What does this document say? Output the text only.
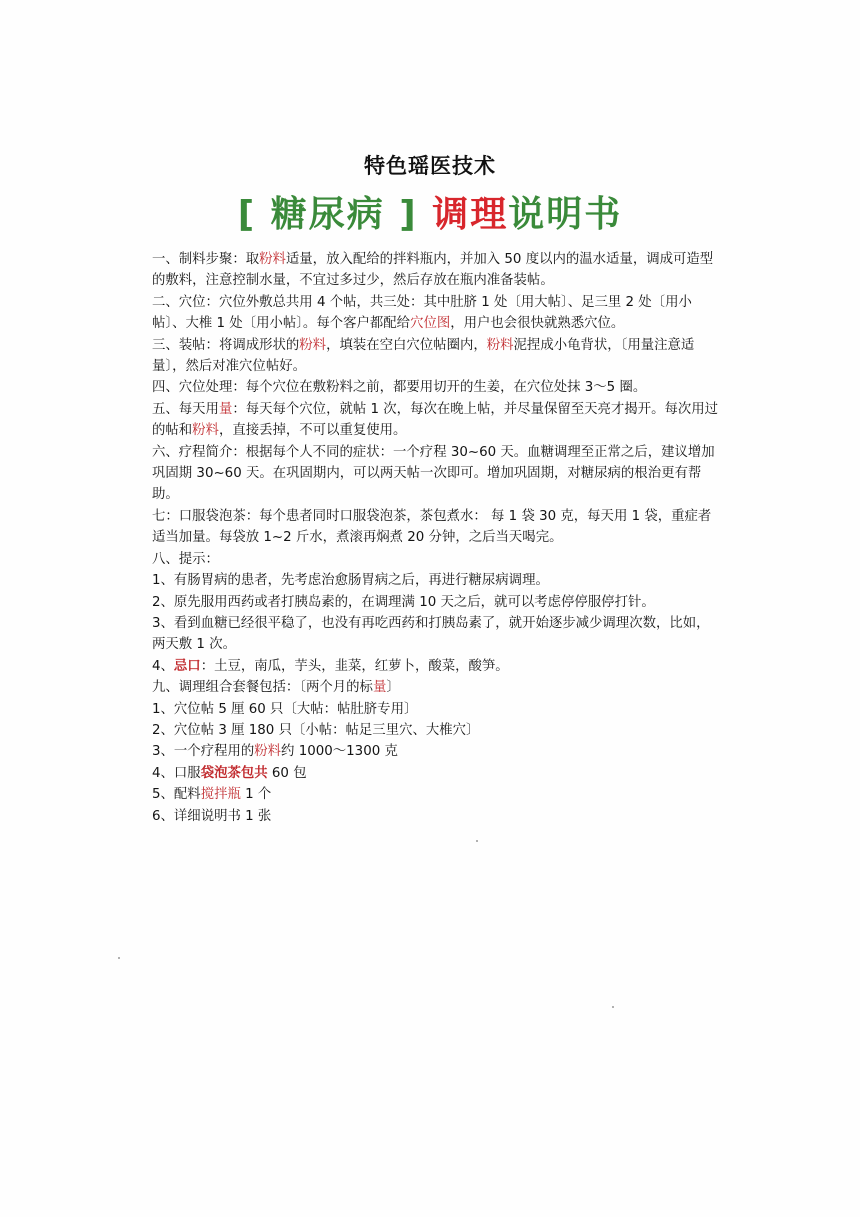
特色瑶医技术
[ 糖尿病 ] 调理说明书

一、制料步聚：取粉料适量，放入配给的拌料瓶内，并加入 50 度以内的温水适量，调成可造型的敷料，注意控制水量，不宜过多过少，然后存放在瓶内准备装帖。

二、穴位：穴位外敷总共用 4 个帖，共三处：其中肚脐 1 处〔用大帖〕、足三里 2 处〔用小帖〕、大椎 1 处〔用小帖〕。每个客户都配给穴位图，用户也会很快就熟悉穴位。

三、装帖：将调成形状的粉料，填装在空白穴位帖圈内，粉料泥捏成小龟背状，〔用量注意适量〕，然后对准穴位帖好。

四、穴位处理：每个穴位在敷粉料之前，都要用切开的生姜，在穴位处抹 3～5 圈。

五、每天用量：每天每个穴位，就帖 1 次，每次在晚上帖，并尽量保留至天亮才揭开。每次用过的帖和粉料，直接丢掉，不可以重复使用。

六、疗程简介：根据每个人不同的症状：一个疗程 30~60 天。血糖调理至正常之后，建议增加巩固期 30~60 天。在巩固期内，可以两天帖一次即可。增加巩固期，对糖尿病的根治更有帮助。

七：口服袋泡茶：每个患者同时口服袋泡茶，茶包煮水： 每 1 袋 30 克，每天用 1 袋，重症者适当加量。每袋放 1~2 斤水，煮滚再焖煮 20 分钟，之后当天喝完。

八、提示：

1、有肠胃病的患者，先考虑治愈肠胃病之后，再进行糖尿病调理。

2、原先服用西药或者打胰岛素的，在调理满 10 天之后，就可以考虑停停服停打针。

3、看到血糖已经很平稳了，也没有再吃西药和打胰岛素了，就开始逐步减少调理次数，比如，两天敷 1 次。

4、忌口：土豆，南瓜，芋头，韭菜，红萝卜，酸菜，酸笋。

九、调理组合套餐包括：〔两个月的标量〕

1、穴位帖 5 厘 60 只〔大帖：帖肚脐专用〕

2、穴位帖 3 厘 180 只〔小帖：帖足三里穴、大椎穴〕

3、一个疗程用的粉料约 1000～1300 克

4、口服袋泡茶包共 60 包

5、配料搅拌瓶 1 个

6、详细说明书 1 张
